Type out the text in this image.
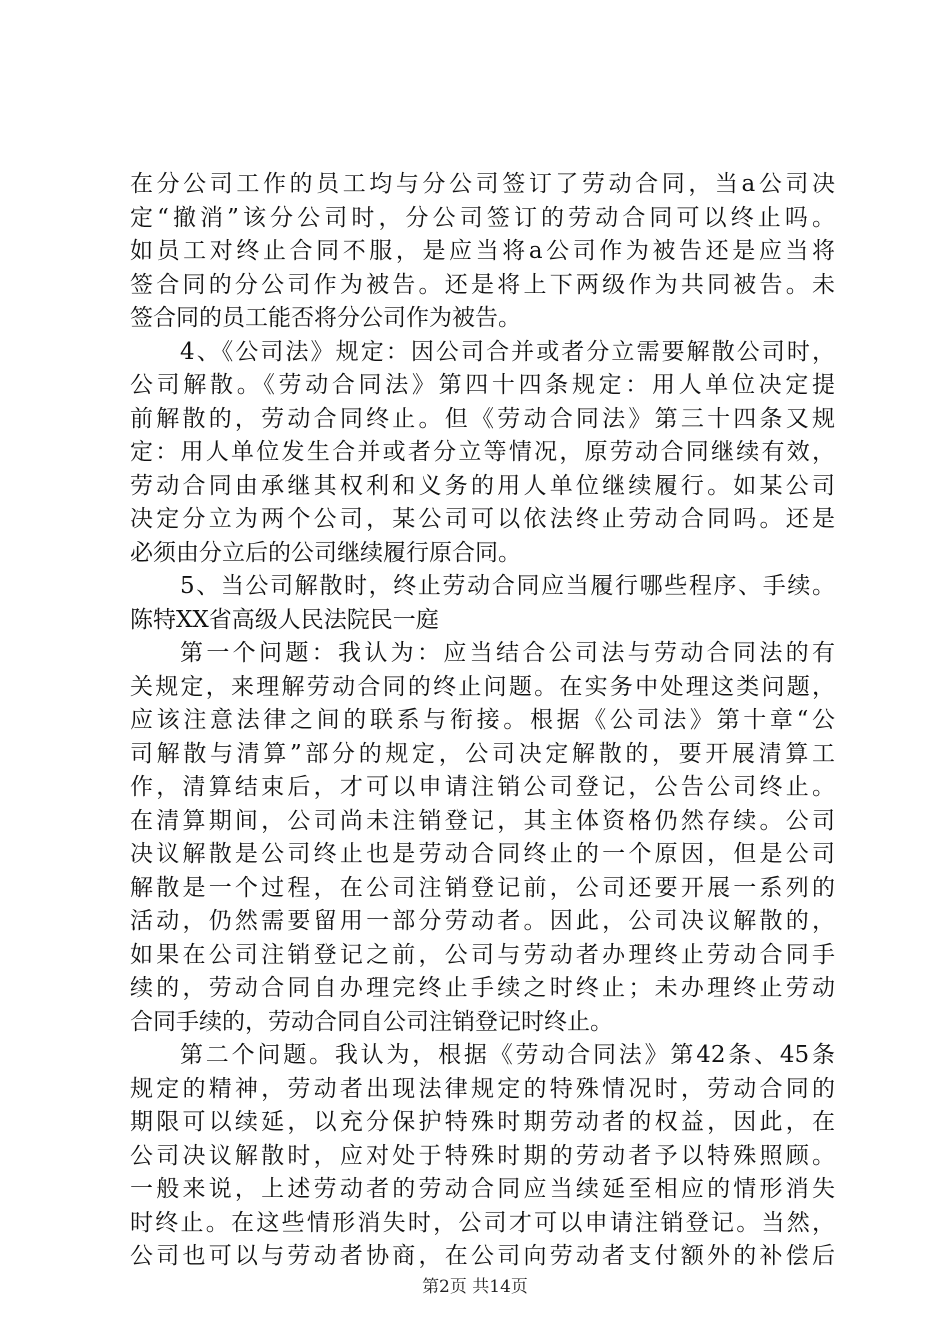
在分公司工作的员工均与分公司签订了劳动合同，当a公司决
定“撤消”该分公司时，分公司签订的劳动合同可以终止吗。
如员工对终止合同不服，是应当将a公司作为被告还是应当将
签合同的分公司作为被告。还是将上下两级作为共同被告。未
签合同的员工能否将分公司作为被告。
4、《公司法》规定：因公司合并或者分立需要解散公司时，
公司解散。《劳动合同法》第四十四条规定：用人单位决定提
前解散的，劳动合同终止。但《劳动合同法》第三十四条又规
定：用人单位发生合并或者分立等情况，原劳动合同继续有效，
劳动合同由承继其权利和义务的用人单位继续履行。如某公司
决定分立为两个公司，某公司可以依法终止劳动合同吗。还是
必须由分立后的公司继续履行原合同。
5、当公司解散时，终止劳动合同应当履行哪些程序、手续。
陈特XX省高级人民法院民一庭
第一个问题：我认为：应当结合公司法与劳动合同法的有
关规定，来理解劳动合同的终止问题。在实务中处理这类问题，
应该注意法律之间的联系与衔接。根据《公司法》第十章“公
司解散与清算”部分的规定，公司决定解散的，要开展清算工
作，清算结束后，才可以申请注销公司登记，公告公司终止。
在清算期间，公司尚未注销登记，其主体资格仍然存续。公司
决议解散是公司终止也是劳动合同终止的一个原因，但是公司
解散是一个过程，在公司注销登记前，公司还要开展一系列的
活动，仍然需要留用一部分劳动者。因此，公司决议解散的，
如果在公司注销登记之前，公司与劳动者办理终止劳动合同手
续的，劳动合同自办理完终止手续之时终止；未办理终止劳动
合同手续的，劳动合同自公司注销登记时终止。
第二个问题。我认为，根据《劳动合同法》第42条、45条
规定的精神，劳动者出现法律规定的特殊情况时，劳动合同的
期限可以续延，以充分保护特殊时期劳动者的权益，因此，在
公司决议解散时，应对处于特殊时期的劳动者予以特殊照顾。
一般来说，上述劳动者的劳动合同应当续延至相应的情形消失
时终止。在这些情形消失时，公司才可以申请注销登记。当然，
公司也可以与劳动者协商，在公司向劳动者支付额外的补偿后
第2页 共14页
